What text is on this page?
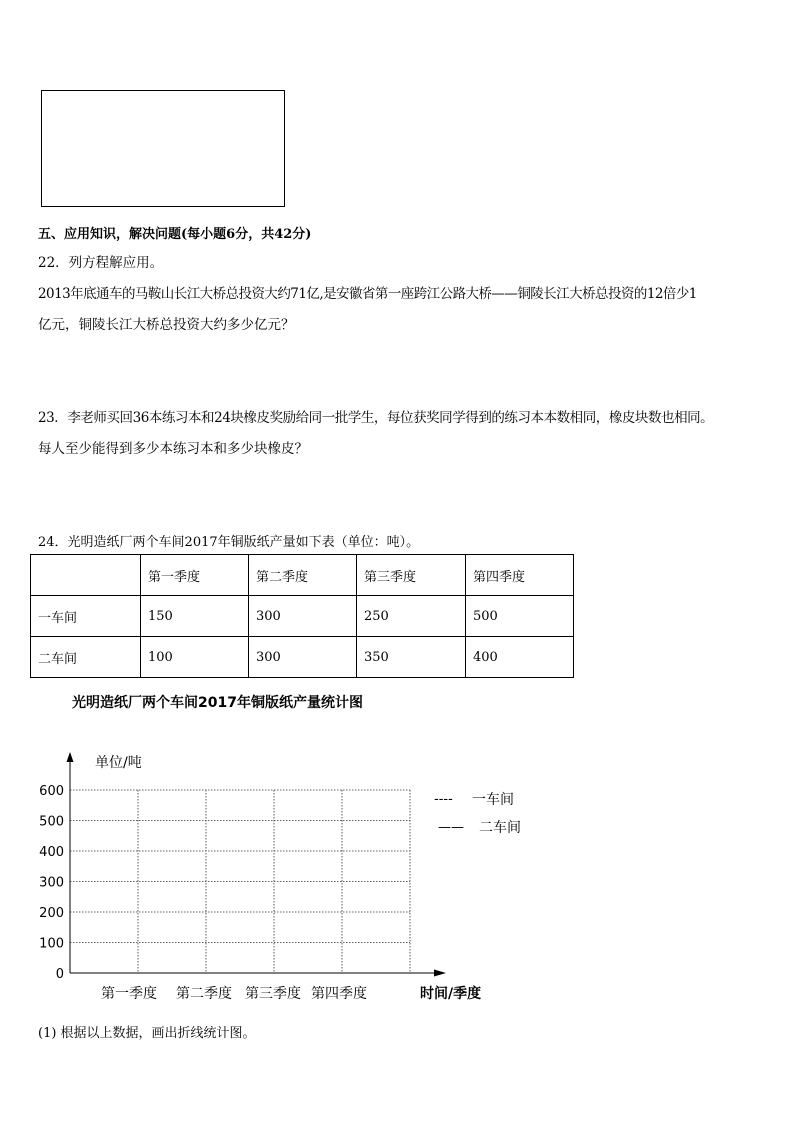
五、应用知识，解决问题(每小题6分，共42分)
22．列方程解应用。
2013年底通车的马鞍山长江大桥总投资大约71亿,是安徽省第一座跨江公路大桥——铜陵长江大桥总投资的12倍少1
亿元，铜陵长江大桥总投资大约多少亿元？
23．李老师买回36本练习本和24块橡皮奖励给同一批学生，每位获奖同学得到的练习本本数相同，橡皮块数也相同。
每人至少能得到多少本练习本和多少块橡皮？
24．光明造纸厂两个车间2017年铜版纸产量如下表（单位：吨）。
	第一季度	第二季度	第三季度	第四季度
一车间	150	300	250	500
二车间	100	300	350	400
光明造纸厂两个车间2017年铜版纸产量统计图
0
100
200
300
400
500
600
单位/吨
第一季度 第二季度 第三季度 第四季度	时间/季度
---- 一车间
—— 二车间
(1) 根据以上数据，画出折线统计图。
